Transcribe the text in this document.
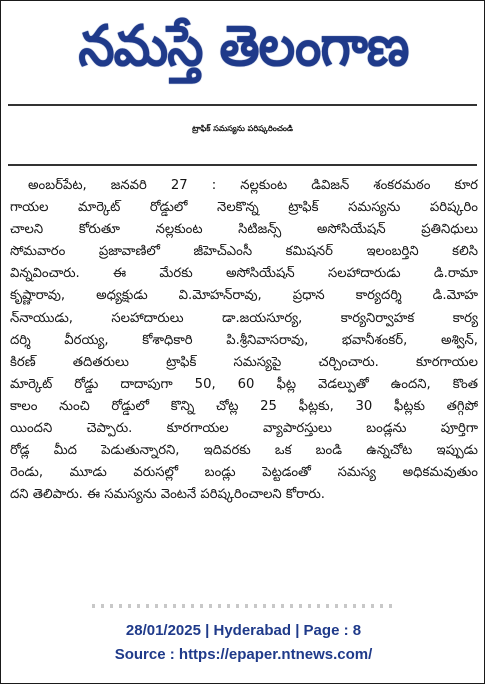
నమస్తే తెలంగాణ
ట్రాఫిక్ సమస్యను పరిష్కరించండి
అంబర్‌పేట, జనవరి 27 : నల్లకుంట డివిజన్ శంకరమఠం కూర
గాయల మార్కెట్ రోడ్డులో నెలకొన్న ట్రాఫిక్ సమస్యను పరిష్కరిం
చాలని కోరుతూ నల్లకుంట సిటిజన్స్ అసోసియేషన్ ప్రతినిధులు
సోమవారం ప్రజావాణిలో జీహెచ్‌ఎంసీ కమిషనర్ ఇలంబర్తిని కలిసి
విన్నవించారు. ఈ మేరకు అసోసియేషన్ సలహాదారుడు డి.రామా
కృష్ణారావు, అధ్యక్షుడు వి.మోహన్‌రావు, ప్రధాన కార్యదర్శి డి.మోహ
న్‌నాయుడు, సలహాదారులు డా.జయసూర్య, కార్యనిర్వాహక కార్య
దర్శి వీరయ్య, కోశాధికారి పి.శ్రీనివాసరావు, భవానీశంకర్, అశ్విన్,
కిరణ్ తదితరులు ట్రాఫిక్ సమస్యపై చర్చించారు. కూరగాయల
మార్కెట్ రోడ్డు దాదాపుగా 50, 60 ఫీట్ల వెడల్పుతో ఉందని, కొంత
కాలం నుంచి రోడ్డులో కొన్ని చోట్ల 25 ఫీట్లకు, 30 ఫీట్లకు తగ్గిపో
యిందని చెప్పారు. కూరగాయల వ్యాపారస్తులు బండ్లను పూర్తిగా
రోడ్ల మీద పెడుతున్నారని, ఇదివరకు ఒక బండి ఉన్నచోట ఇప్పుడు
రెండు, మూడు వరుసల్లో బండ్లు పెట్టడంతో సమస్య అధికమవుతుం
దని తెలిపారు. ఈ సమస్యను వెంటనే పరిష్కరించాలని కోరారు.
28/01/2025 | Hyderabad | Page : 8
Source : https://epaper.ntnews.com/
